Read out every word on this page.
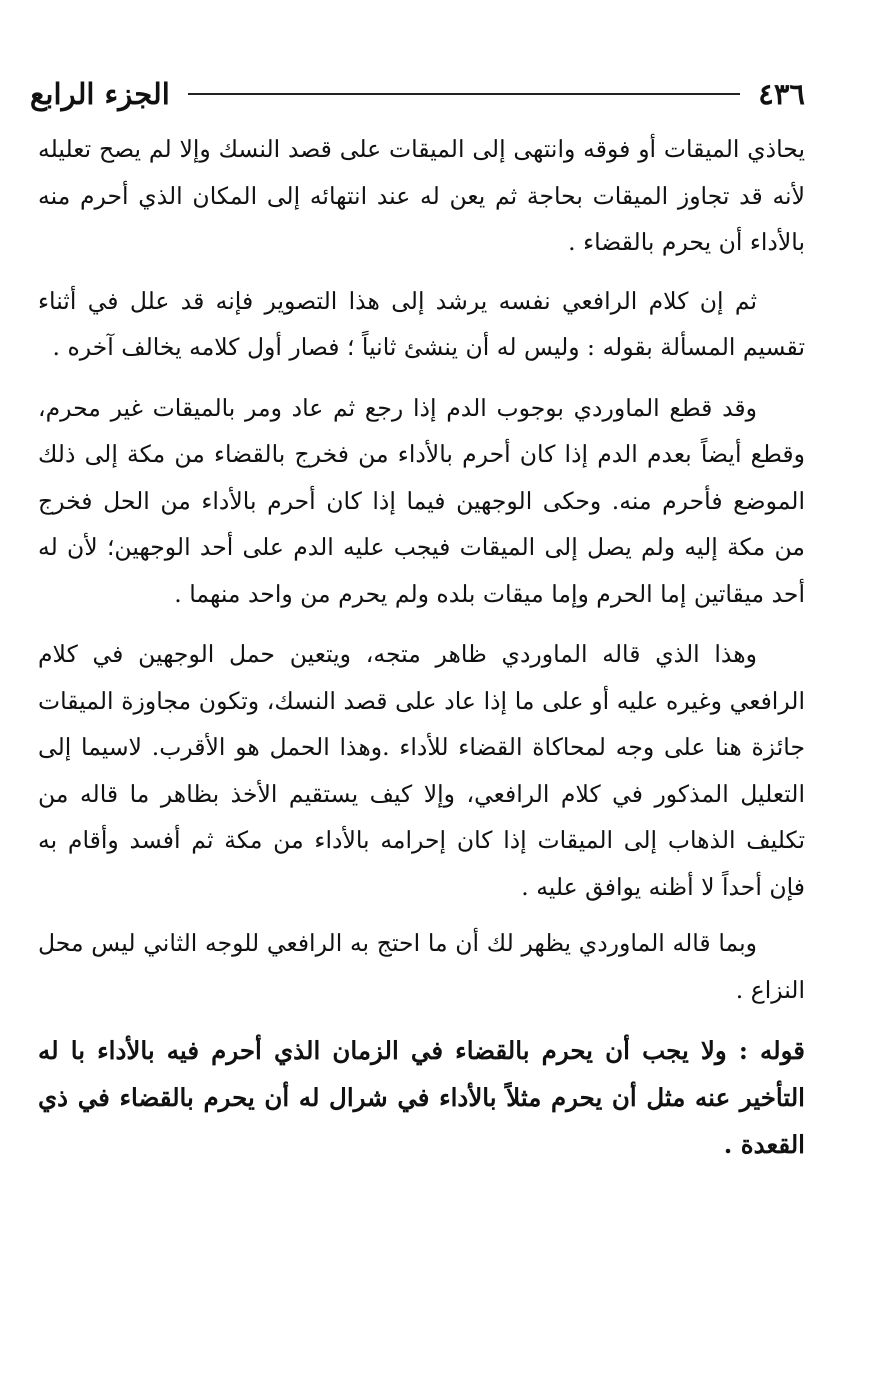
٤٣٦
الجزء الرابع

يحاذي الميقات أو فوقه وانتهى إلى الميقات على قصد النسك وإلا لم يصح تعليله لأنه قد تجاوز الميقات بحاجة ثم يعن له عند انتهائه إلى المكان الذي أحرم منه بالأداء أن يحرم بالقضاء .

ثم إن كلام الرافعي نفسه يرشد إلى هذا التصوير فإنه قد علل في أثناء تقسيم المسألة بقوله : وليس له أن ينشئ ثانياً ؛ فصار أول كلامه يخالف آخره .

وقد قطع الماوردي بوجوب الدم إذا رجع ثم عاد ومر بالميقات غير محرم، وقطع أيضاً بعدم الدم إذا كان أحرم بالأداء من فخرج بالقضاء من مكة إلى ذلك الموضع فأحرم منه. وحكى الوجهين فيما إذا كان أحرم بالأداء من الحل فخرج من مكة إليه ولم يصل إلى الميقات فيجب عليه الدم على أحد الوجهين؛ لأن له أحد ميقاتين إما الحرم وإما ميقات بلده ولم يحرم من واحد منهما .

وهذا الذي قاله الماوردي ظاهر متجه، ويتعين حمل الوجهين في كلام الرافعي وغيره عليه أو على ما إذا عاد على قصد النسك، وتكون مجاوزة الميقات جائزة هنا على وجه لمحاكاة القضاء للأداء .وهذا الحمل هو الأقرب. لاسيما إلى التعليل المذكور في كلام الرافعي، وإلا كيف يستقيم الأخذ بظاهر ما قاله من تكليف الذهاب إلى الميقات إذا كان إحرامه بالأداء من مكة ثم أفسد وأقام به فإن أحداً لا أظنه يوافق عليه .

وبما قاله الماوردي يظهر لك أن ما احتج به الرافعي للوجه الثاني ليس محل النزاع .

قوله : ولا يجب أن يحرم بالقضاء في الزمان الذي أحرم فيه بالأداء با له التأخير عنه مثل أن يحرم مثلاً بالأداء في شرال له أن يحرم بالقضاء في ذي القعدة .
